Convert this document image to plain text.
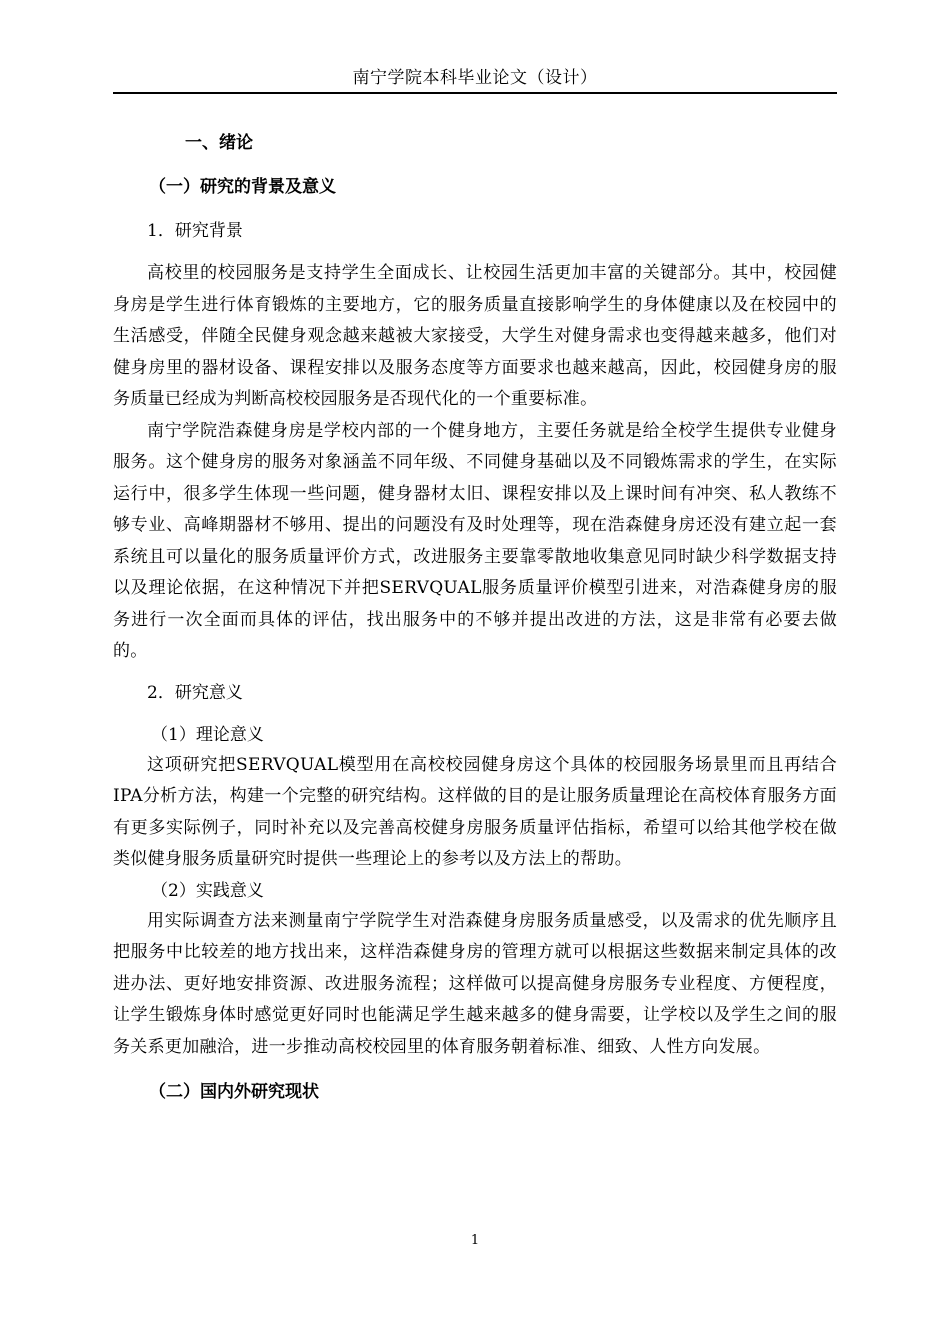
南宁学院本科毕业论文（设计）
一、绪论
（一）研究的背景及意义
1．研究背景

高校里的校园服务是支持学生全面成长、让校园生活更加丰富的关键部分。其中，校园健身房是学生进行体育锻炼的主要地方，它的服务质量直接影响学生的身体健康以及在校园中的生活感受，伴随全民健身观念越来越被大家接受，大学生对健身需求也变得越来越多，他们对健身房里的器材设备、课程安排以及服务态度等方面要求也越来越高，因此，校园健身房的服务质量已经成为判断高校校园服务是否现代化的一个重要标准。

南宁学院浩森健身房是学校内部的一个健身地方，主要任务就是给全校学生提供专业健身服务。这个健身房的服务对象涵盖不同年级、不同健身基础以及不同锻炼需求的学生，在实际运行中，很多学生体现一些问题，健身器材太旧、课程安排以及上课时间有冲突、私人教练不够专业、高峰期器材不够用、提出的问题没有及时处理等，现在浩森健身房还没有建立起一套系统且可以量化的服务质量评价方式，改进服务主要靠零散地收集意见同时缺少科学数据支持以及理论依据，在这种情况下并把SERVQUAL服务质量评价模型引进来，对浩森健身房的服务进行一次全面而具体的评估，找出服务中的不够并提出改进的方法，这是非常有必要去做的。

2．研究意义
（1）理论意义

这项研究把SERVQUAL模型用在高校校园健身房这个具体的校园服务场景里而且再结合IPA分析方法，构建一个完整的研究结构。这样做的目的是让服务质量理论在高校体育服务方面有更多实际例子，同时补充以及完善高校健身房服务质量评估指标，希望可以给其他学校在做类似健身服务质量研究时提供一些理论上的参考以及方法上的帮助。

（2）实践意义

用实际调查方法来测量南宁学院学生对浩森健身房服务质量感受，以及需求的优先顺序且把服务中比较差的地方找出来，这样浩森健身房的管理方就可以根据这些数据来制定具体的改进办法、更好地安排资源、改进服务流程；这样做可以提高健身房服务专业程度、方便程度，让学生锻炼身体时感觉更好同时也能满足学生越来越多的健身需要，让学校以及学生之间的服务关系更加融洽，进一步推动高校校园里的体育服务朝着标准、细致、人性方向发展。

（二）国内外研究现状
1
